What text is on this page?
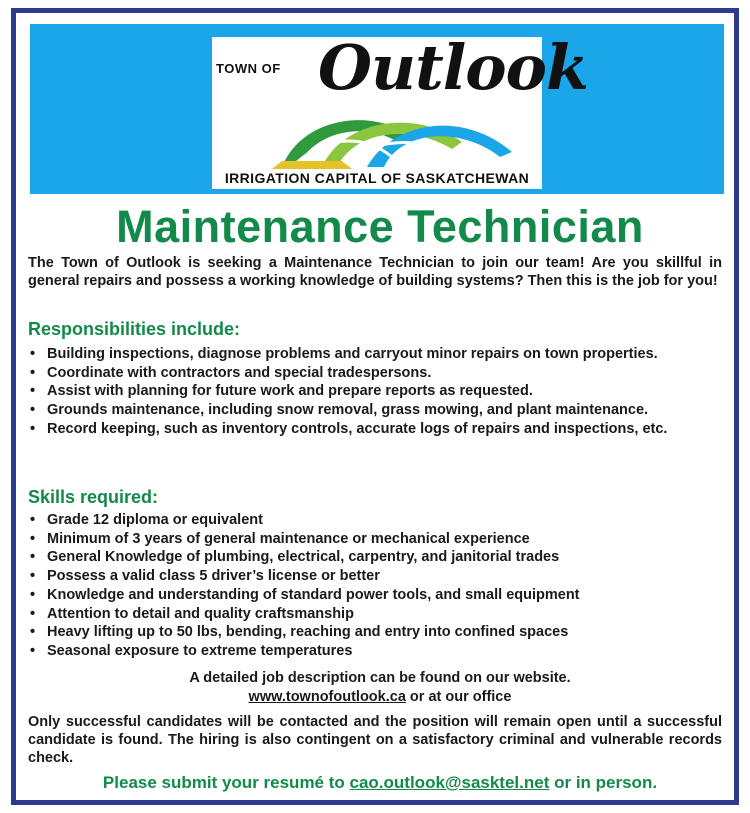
TOWN OF Outlook
IRRIGATION CAPITAL OF SASKATCHEWAN
Maintenance Technician

The Town of Outlook is seeking a Maintenance Technician to join our team! Are you skillful in general repairs and possess a working knowledge of building systems? Then this is the job for you!

Responsibilities include:
• Building inspections, diagnose problems and carryout minor repairs on town properties.
• Coordinate with contractors and special tradespersons.
• Assist with planning for future work and prepare reports as requested.
• Grounds maintenance, including snow removal, grass mowing, and plant maintenance.
• Record keeping, such as inventory controls, accurate logs of repairs and inspections, etc.
Skills required:
• Grade 12 diploma or equivalent
• Minimum of 3 years of general maintenance or mechanical experience
• General Knowledge of plumbing, electrical, carpentry, and janitorial trades
• Possess a valid class 5 driver’s license or better
• Knowledge and understanding of standard power tools, and small equipment
• Attention to detail and quality craftsmanship
• Heavy lifting up to 50 lbs, bending, reaching and entry into confined spaces
• Seasonal exposure to extreme temperatures
A detailed job description can be found on our website.
www.townofoutlook.ca or at our office

Only successful candidates will be contacted and the position will remain open until a successful candidate is found. The hiring is also contingent on a satisfactory criminal and vulnerable records check.

Please submit your resumé to cao.outlook@sasktel.net or in person.
